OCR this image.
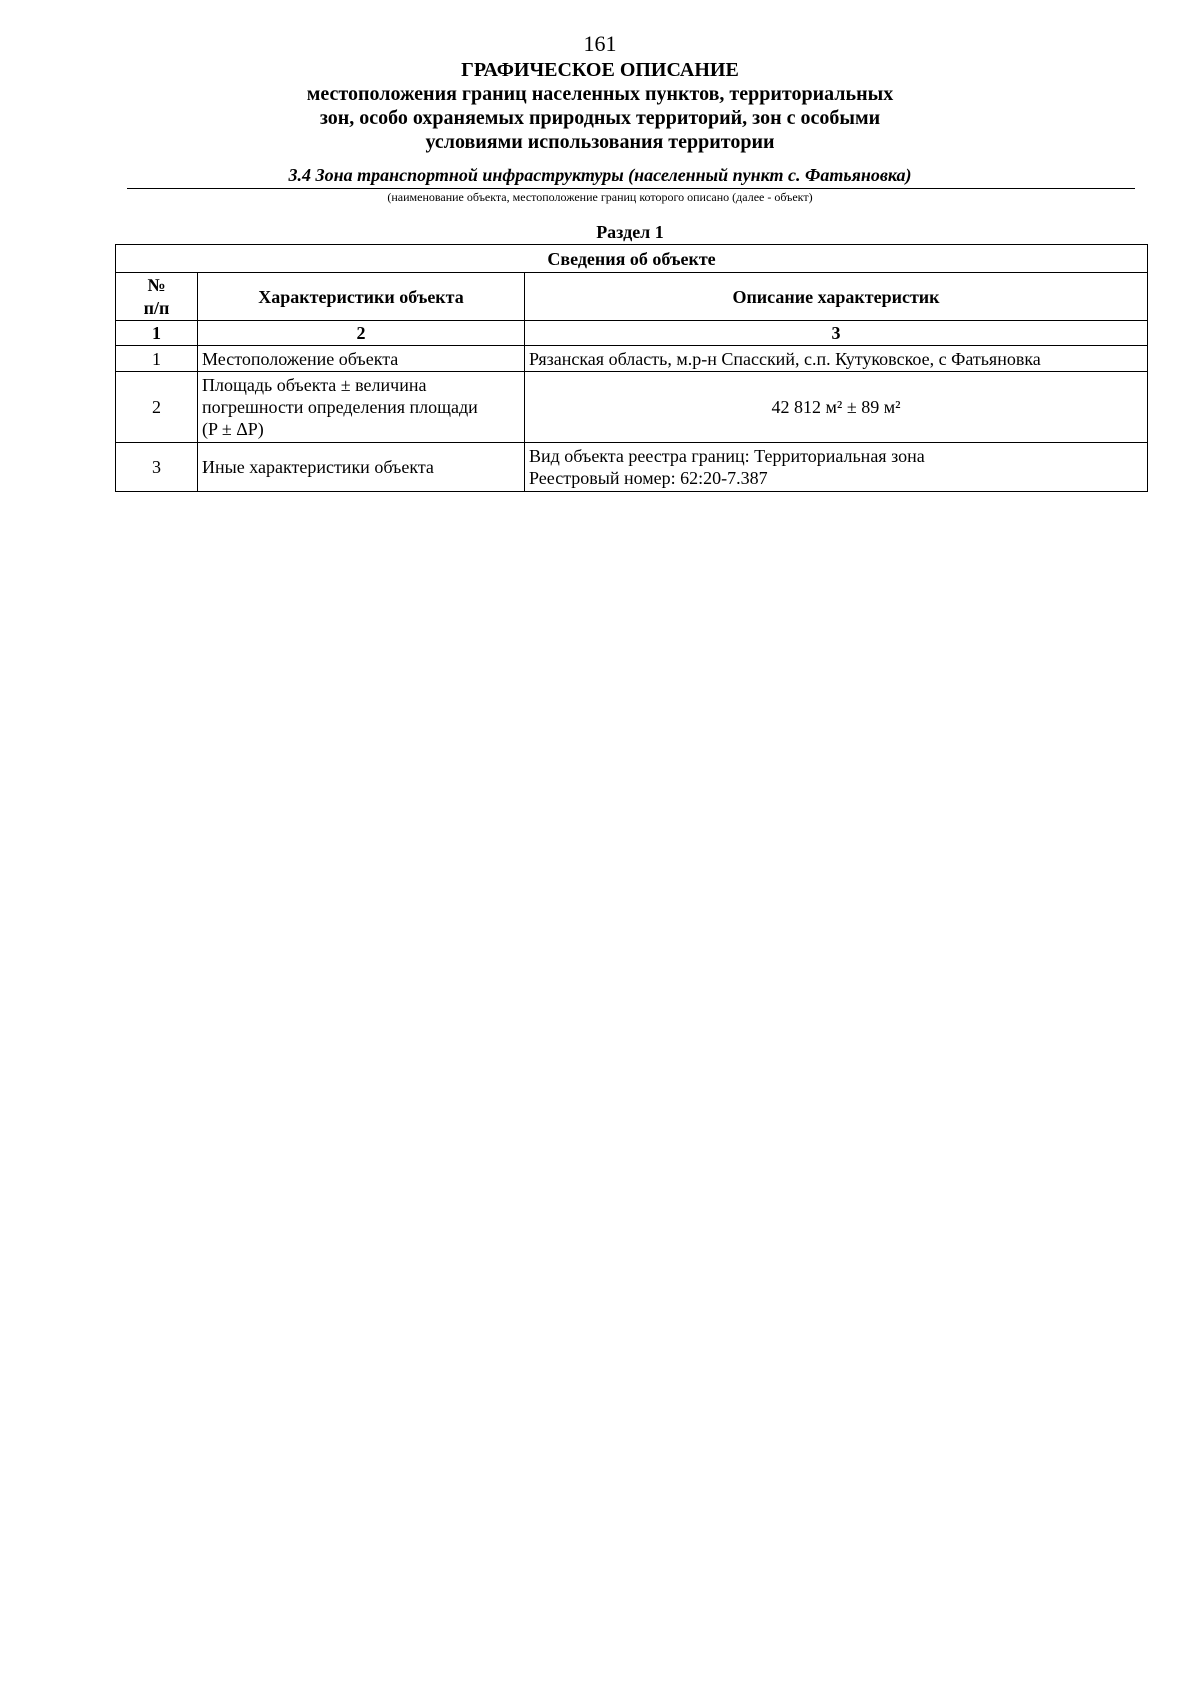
161
ГРАФИЧЕСКОЕ ОПИСАНИЕ
местоположения границ населенных пунктов, территориальных
зон, особо охраняемых природных территорий, зон с особыми
условиями использования территории
3.4 Зона транспортной инфраструктуры (населенный пункт с. Фатьяновка)
(наименование объекта, местоположение границ которого описано (далее - объект)
Раздел 1
Сведения об объекте		

№
п/п	Характеристики объекта	Описание характеристик
1	2	3
1	Местоположение объекта	Рязанская область, м.р-н Спасский, с.п. Кутуковское, с Фатьяновка

2	Площадь объекта ± величина
погрешности определения площади
(P ± ΔP)	42 812 м² ± 89 м²

3	Иные характеристики объекта	Вид объекта реестра границ: Территориальная зона
Реестровый номер: 62:20-7.387
